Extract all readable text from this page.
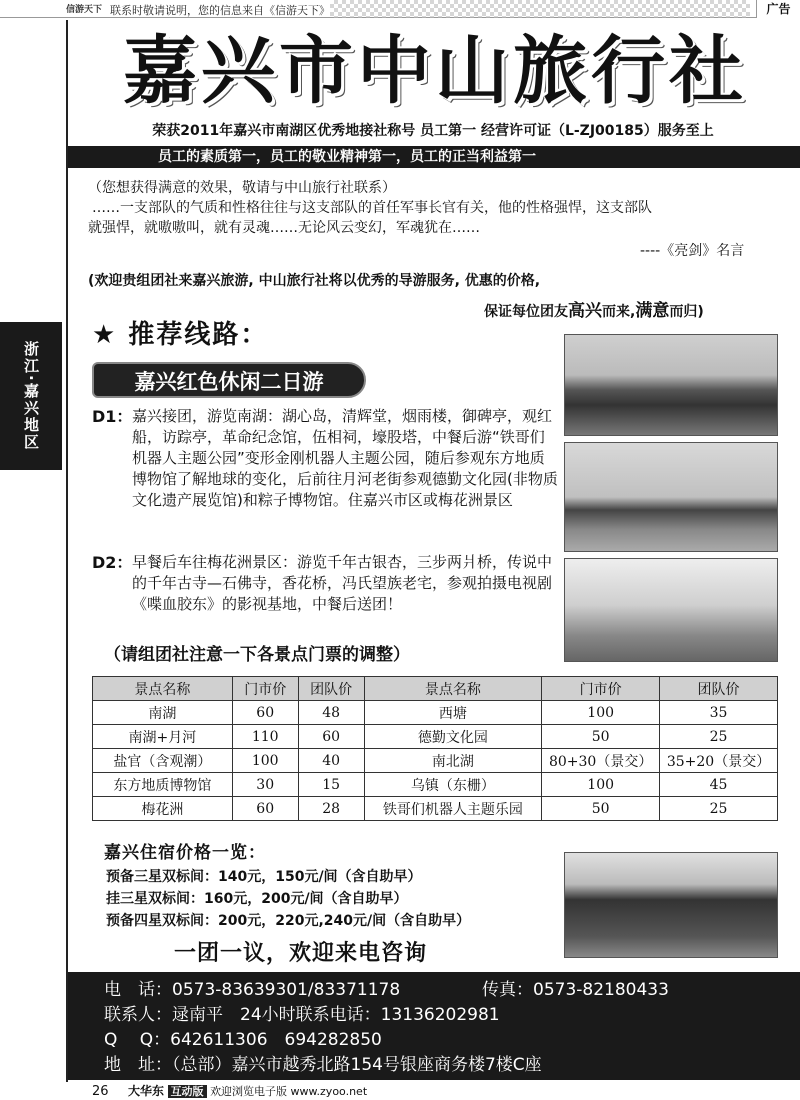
信游天下 联系时敬请说明，您的信息来自《信游天下》	广告
浙江·嘉兴地区
嘉兴市中山旅行社
荣获2011年嘉兴市南湖区优秀地接社称号 员工第一 经营许可证（L-ZJ00185）服务至上
员工的素质第一，员工的敬业精神第一，员工的正当利益第一

（您想获得满意的效果，敬请与中山旅行社联系）

……一支部队的气质和性格往往与这支部队的首任军事长官有关，他的性格强悍，这支部队

就强悍，就嗷嗷叫，就有灵魂……无论风云变幻，军魂犹在……

----《亮剑》名言
(欢迎贵组团社来嘉兴旅游, 中山旅行社将以优秀的导游服务, 优惠的价格,
保证每位团友高兴而来,满意而归)
★ 推荐线路：
嘉兴红色休闲二日游
D1： 嘉兴接团，游览南湖：湖心岛，清辉堂，烟雨楼，御碑亭，观红船，访踪亭，革命纪念馆，伍相祠，壕股塔，中餐后游“铁哥们机器人主题公园”变形金刚机器人主题公园，随后参观东方地质博物馆了解地球的变化，后前往月河老街参观德勤文化园(非物质文化遗产展览馆)和粽子博物馆。住嘉兴市区或梅花洲景区
D2： 早餐后车往梅花洲景区：游览千年古银杏，三步两爿桥，传说中的千年古寺—石佛寺，香花桥，冯氏望族老宅，参观拍摄电视剧《喋血胶东》的影视基地，中餐后送团！
（请组团社注意一下各景点门票的调整）
景点名称	门市价	团队价	景点名称	门市价	团队价
南湖	60	48	西塘	100	35
南湖+月河	110	60	德勤文化园	50	25
盐官（含观潮）	100	40	南北湖	80+30（景交）	35+20（景交）
东方地质博物馆	30	15	乌镇（东栅）	100	45
梅花洲	60	28	铁哥们机器人主题乐园	50	25
嘉兴住宿价格一览：
预备三星双标间：140元，150元/间（含自助早）
挂三星双标间：160元，200元/间（含自助早）
预备四星双标间：200元，220元,240元/间（含自助早）
一团一议，欢迎来电咨询
电　话：0573-83639301/83371178	传真：0573-82180433
联系人：逯南平　24小时联系电话：13136202981
Q　 Q：642611306　694282850
地　址：（总部）嘉兴市越秀北路154号银座商务楼7楼C座
26 大华东 互动版 欢迎浏览电子版 www.zyoo.net
